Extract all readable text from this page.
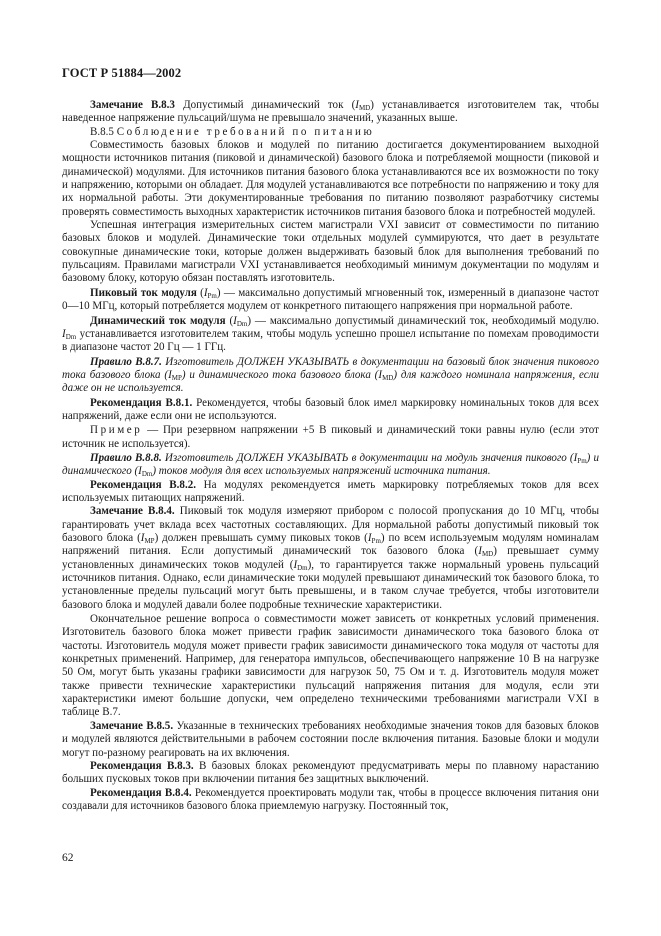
ГОСТ Р 51884—2002

Замечание В.8.3 Допустимый динамический ток $(I_{MD})$ устанавливается изготовителем так, чтобы наведенное напряжение пульсаций/шума не превышало значений, указанных выше.

В.8.5 Соблюдение требований по питанию

Совместимость базовых блоков и модулей по питанию достигается документированием выходной мощности источников питания (пиковой и динамической) базового блока и потребляемой мощности (пиковой и динамической) модулями. Для источников питания базового блока устанавливаются все их возможности по току и напряжению, которыми он обладает. Для модулей устанавливаются все потребности по напряжению и току для их нормальной работы. Эти документированные требования по питанию позволяют разработчику системы проверять совместимость выходных характеристик источников питания базового блока и потребностей модулей.

Успешная интеграция измерительных систем магистрали VXI зависит от совместимости по питанию базовых блоков и модулей. Динамические токи отдельных модулей суммируются, что дает в результате совокупные динамические токи, которые должен выдерживать базовый блок для выполнения требований по пульсациям. Правилами магистрали VXI устанавливается необходимый минимум документации по модулям и базовому блоку, которую обязан поставлять изготовитель.

Пиковый ток модуля $(I_{Pm})$ — максимально допустимый мгновенный ток, измеренный в диапазоне частот 0—10 МГц, который потребляется модулем от конкретного питающего напряжения при нормальной работе.

Динамический ток модуля $(I_{Dm})$ — максимально допустимый динамический ток, необходимый модулю. $I_{Dm}$ устанавливается изготовителем таким, чтобы модуль успешно прошел испытание по помехам проводимости в диапазоне частот 20 Гц — 1 ГГц.

Правило В.8.7. Изготовитель ДОЛЖЕН УКАЗЫВАТЬ в документации на базовый блок значения пикового тока базового блока $(I_{MP})$ и динамического тока базового блока $(I_{MD})$ для каждого номинала напряжения, если даже он не используется.

Рекомендация В.8.1. Рекомендуется, чтобы базовый блок имел маркировку номинальных токов для всех напряжений, даже если они не используются.

Пример — При резервном напряжении +5 В пиковый и динамический токи равны нулю (если этот источник не используется).

Правило В.8.8. Изготовитель ДОЛЖЕН УКАЗЫВАТЬ в документации на модуль значения пикового $(I_{Pm})$ и динамического $(I_{Dm})$ токов модуля для всех используемых напряжений источника питания.

Рекомендация В.8.2. На модулях рекомендуется иметь маркировку потребляемых токов для всех используемых питающих напряжений.

Замечание В.8.4. Пиковый ток модуля измеряют прибором с полосой пропускания до 10 МГц, чтобы гарантировать учет вклада всех частотных составляющих. Для нормальной работы допустимый пиковый ток базового блока $(I_{MP})$ должен превышать сумму пиковых токов $(I_{Pm})$ по всем используемым модулям номиналам напряжений питания. Если допустимый динамический ток базового блока $(I_{MD})$ превышает сумму установленных динамических токов модулей $(I_{Dm})$, то гарантируется также нормальный уровень пульсаций источников питания. Однако, если динамические токи модулей превышают динамический ток базового блока, то установленные пределы пульсаций могут быть превышены, и в таком случае требуется, чтобы изготовители базового блока и модулей давали более подробные технические характеристики.

Окончательное решение вопроса о совместимости может зависеть от конкретных условий применения. Изготовитель базового блока может привести график зависимости динамического тока базового блока от частоты. Изготовитель модуля может привести график зависимости динамического тока модуля от частоты для конкретных применений. Например, для генератора импульсов, обеспечивающего напряжение 10 В на нагрузке 50 Ом, могут быть указаны графики зависимости для нагрузок 50, 75 Ом и т. д. Изготовитель модуля может также привести технические характеристики пульсаций напряжения питания для модуля, если эти характеристики имеют большие допуски, чем определено техническими требованиями магистрали VXI в таблице В.7.

Замечание В.8.5. Указанные в технических требованиях необходимые значения токов для базовых блоков и модулей являются действительными в рабочем состоянии после включения питания. Базовые блоки и модули могут по-разному реагировать на их включения.

Рекомендация В.8.3. В базовых блоках рекомендуют предусматривать меры по плавному нарастанию больших пусковых токов при включении питания без защитных выключений.

Рекомендация В.8.4. Рекомендуется проектировать модули так, чтобы в процессе включения питания они создавали для источников базового блока приемлемую нагрузку. Постоянный ток,

62
